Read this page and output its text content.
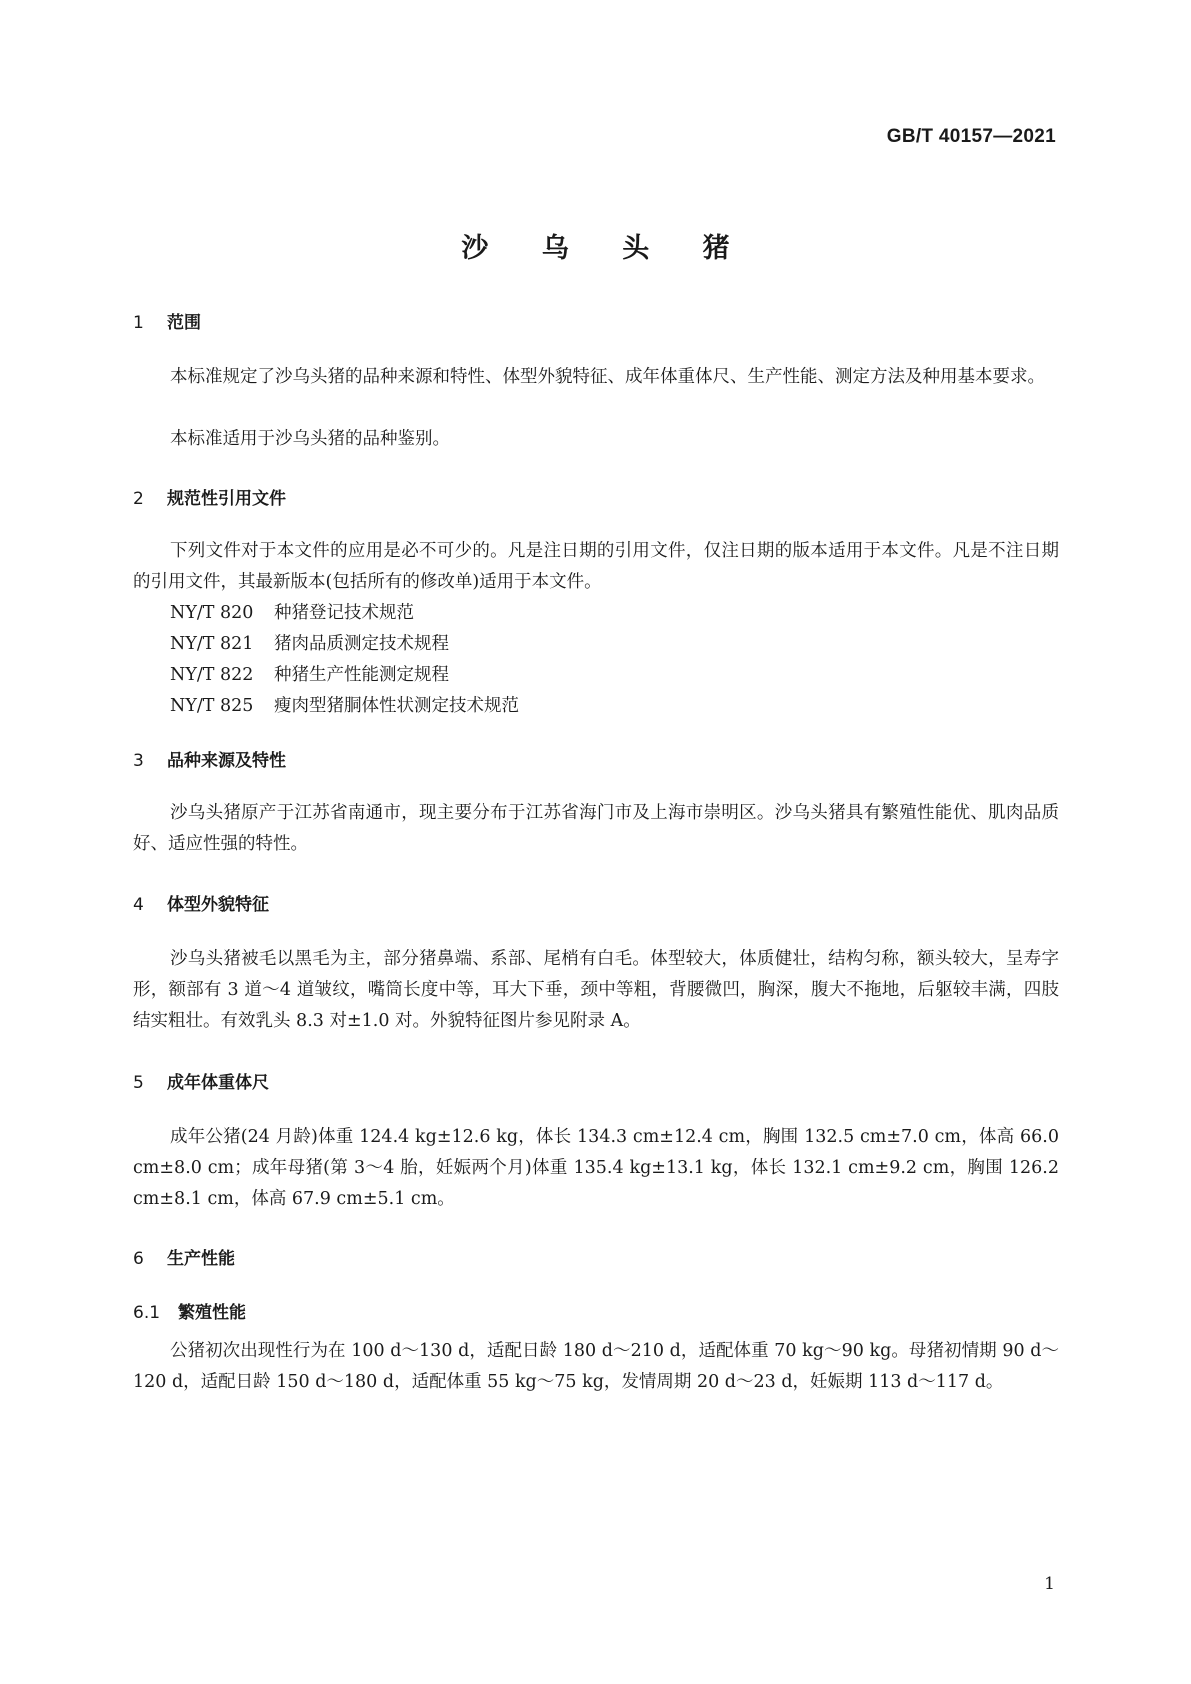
GB/T 40157—2021
沙 乌 头 猪
1 范围

本标准规定了沙乌头猪的品种来源和特性、体型外貌特征、成年体重体尺、生产性能、测定方法及种用基本要求。

本标准适用于沙乌头猪的品种鉴别。

2 规范性引用文件

下列文件对于本文件的应用是必不可少的。凡是注日期的引用文件，仅注日期的版本适用于本文件。凡是不注日期的引用文件，其最新版本(包括所有的修改单)适用于本文件。

NY/T 820 种猪登记技术规范
NY/T 821 猪肉品质测定技术规程
NY/T 822 种猪生产性能测定规程
NY/T 825 瘦肉型猪胴体性状测定技术规范
3 品种来源及特性

沙乌头猪原产于江苏省南通市，现主要分布于江苏省海门市及上海市崇明区。沙乌头猪具有繁殖性能优、肌肉品质好、适应性强的特性。

4 体型外貌特征

沙乌头猪被毛以黑毛为主，部分猪鼻端、系部、尾梢有白毛。体型较大，体质健壮，结构匀称，额头较大，呈寿字形，额部有 3 道～4 道皱纹，嘴筒长度中等，耳大下垂，颈中等粗，背腰微凹，胸深，腹大不拖地，后躯较丰满，四肢结实粗壮。有效乳头 8.3 对±1.0 对。外貌特征图片参见附录 A。

5 成年体重体尺

成年公猪(24 月龄)体重 124.4 kg±12.6 kg，体长 134.3 cm±12.4 cm，胸围 132.5 cm±7.0 cm，体高 66.0 cm±8.0 cm；成年母猪(第 3～4 胎，妊娠两个月)体重 135.4 kg±13.1 kg，体长 132.1 cm±9.2 cm，胸围 126.2 cm±8.1 cm，体高 67.9 cm±5.1 cm。

6 生产性能
6.1 繁殖性能

公猪初次出现性行为在 100 d～130 d，适配日龄 180 d～210 d，适配体重 70 kg～90 kg。母猪初情期 90 d～120 d，适配日龄 150 d～180 d，适配体重 55 kg～75 kg，发情周期 20 d～23 d，妊娠期 113 d～117 d。

1
